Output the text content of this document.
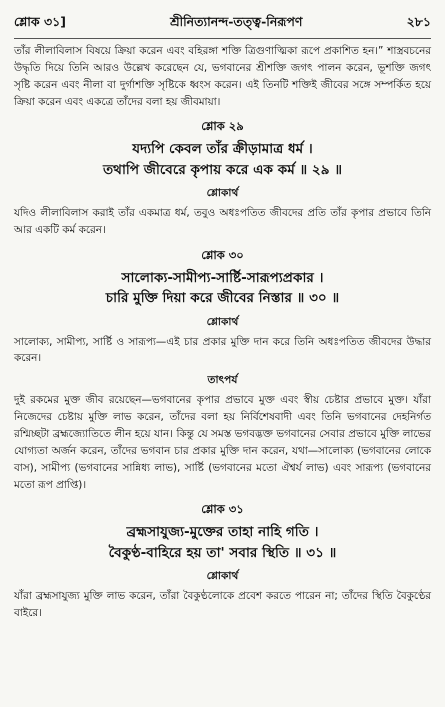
শ্লোক ৩১]	শ্রীনিত্যানন্দ-তত্ত্ব-নিরূপণ	২৮১

তাঁর লীলাবিলাস বিষয়ে ক্রিয়া করেন এবং বহিরঙ্গা শক্তি ত্রিগুণাত্মিকা রূপে প্রকাশিত হন।” শাস্ত্রবচনের উদ্ধৃতি দিয়ে তিনি আরও উল্লেখ করেছেন যে, ভগবানের শ্রীশক্তি জগৎ পালন করেন, ভূশক্তি জগৎ সৃষ্টি করেন এবং নীলা বা দুর্গাশক্তি সৃষ্টিকে ধ্বংস করেন। এই তিনটি শক্তিই জীবের সঙ্গে সম্পর্কিত হয়ে ক্রিয়া করেন এবং একত্রে তাঁদের বলা হয় জীবমায়া।

শ্লোক ২৯
যদ্যপি কেবল তাঁর ক্রীড়ামাত্র ধর্ম ।
তথাপি জীবেরে কৃপায় করে এক কর্ম ॥ ২৯ ॥
শ্লোকার্থ

যদিও লীলাবিলাস করাই তাঁর একমাত্র ধর্ম, তবুও অধঃপতিত জীবদের প্রতি তাঁর কৃপার প্রভাবে তিনি আর একটি কর্ম করেন।

শ্লোক ৩০
সালোক্য-সামীপ্য-সার্ষ্টি-সারূপ্যপ্রকার ।
চারি মুক্তি দিয়া করে জীবের নিস্তার ॥ ৩০ ॥
শ্লোকার্থ

সালোক্য, সামীপ্য, সার্ষ্টি ও সারূপ্য—এই চার প্রকার মুক্তি দান করে তিনি অধঃপতিত জীবদের উদ্ধার করেন।

তাৎপর্য

দুই রকমের মুক্ত জীব রয়েছেন—ভগবানের কৃপার প্রভাবে মুক্ত এবং স্বীয় চেষ্টার প্রভাবে মুক্ত। যাঁরা নিজেদের চেষ্টায় মুক্তি লাভ করেন, তাঁদের বলা হয় নির্বিশেষবাদী এবং তিনি ভগবানের দেহনির্গত রশ্মিচ্ছটা ব্রহ্মজ্যোতিতে লীন হয়ে যান। কিন্তু যে সমস্ত ভগবদ্ভক্ত ভগবানের সেবার প্রভাবে মুক্তি লাভের যোগ্যতা অর্জন করেন, তাঁদের ভগবান চার প্রকার মুক্তি দান করেন, যথা—সালোক্য (ভগবানের লোকে বাস), সামীপ্য (ভগবানের সান্নিধ্য লাভ), সার্ষ্টি (ভগবানের মতো ঐশ্বর্য লাভ) এবং সারূপ্য (ভগবানের মতো রূপ প্রাপ্তি)।

শ্লোক ৩১
ব্রহ্মসাযুজ্য-মুক্তের তাহা নাহি গতি ।
বৈকুণ্ঠ-বাহিরে হয় তা' সবার স্থিতি ॥ ৩১ ॥
শ্লোকার্থ

যাঁরা ব্রহ্মসাযুজ্য মুক্তি লাভ করেন, তাঁরা বৈকুণ্ঠলোকে প্রবেশ করতে পারেন না; তাঁদের স্থিতি বৈকুণ্ঠের বাইরে।
